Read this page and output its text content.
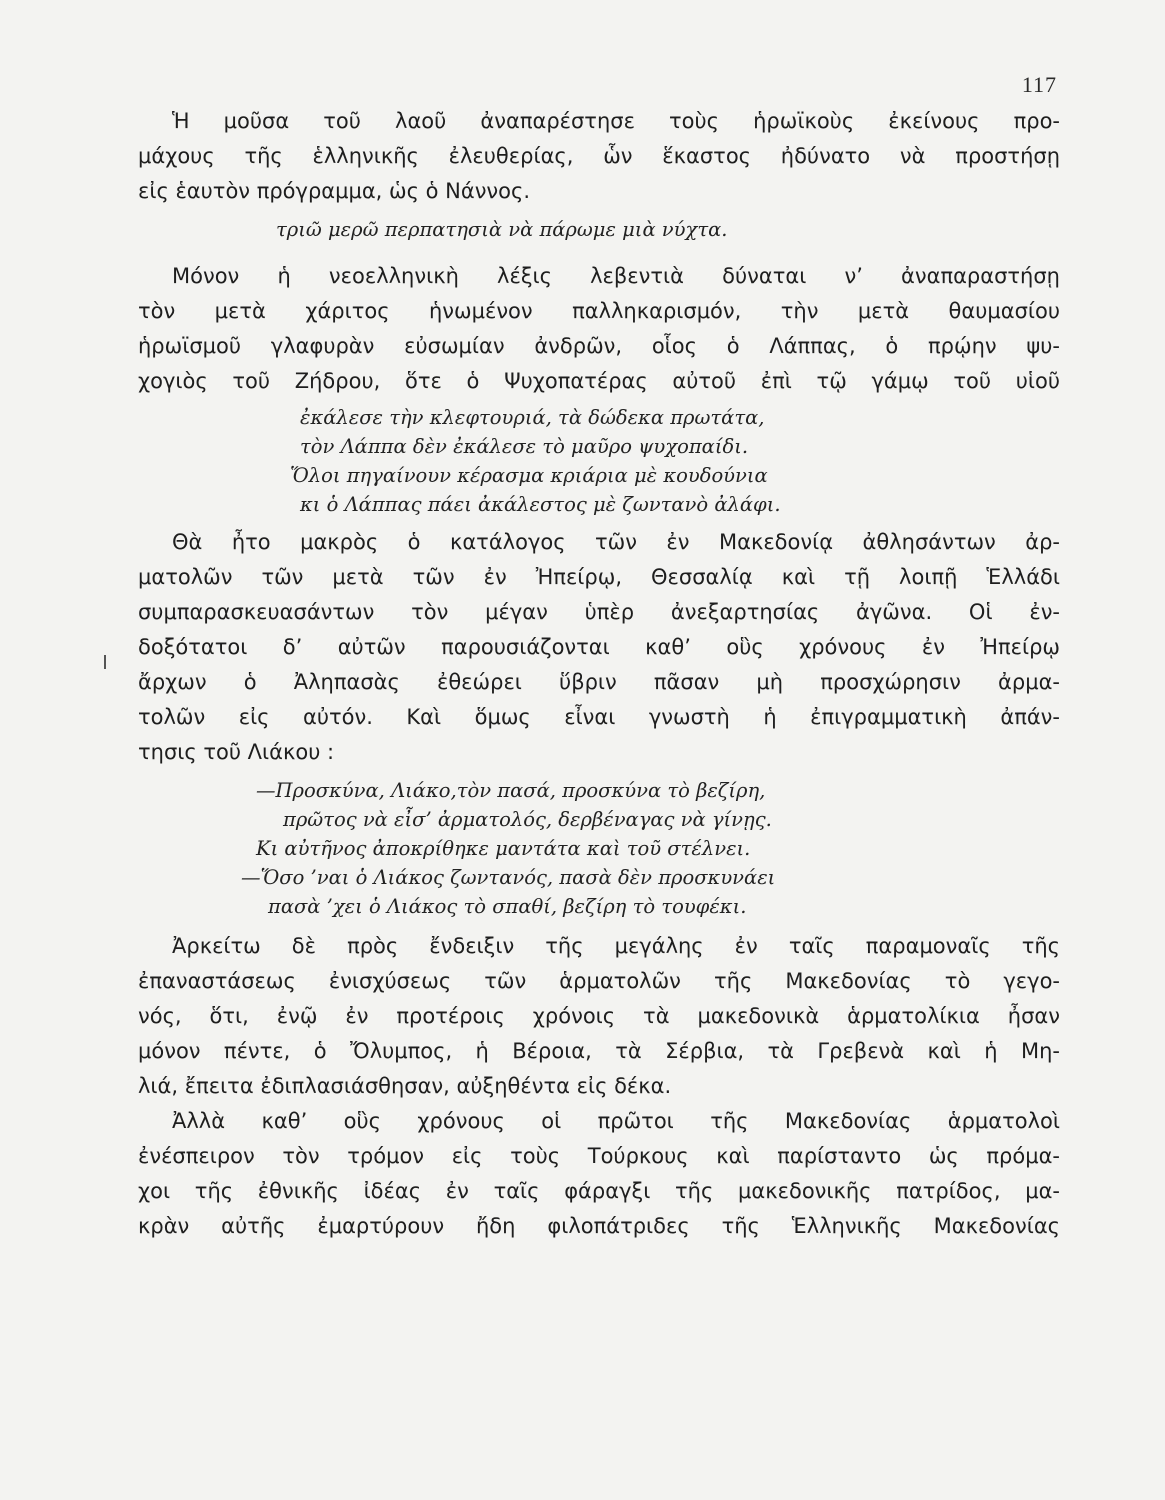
117
Ἡ μοῦσα τοῦ λαοῦ ἀναπαρέστησε τοὺς ἡρωϊκοὺς ἐκείνους προ-
μάχους τῆς ἑλληνικῆς ἐλευθερίας, ὧν ἕκαστος ἠδύνατο νὰ προστήσῃ
εἰς ἑαυτὸν πρόγραμμα, ὡς ὁ Νάννος.
τριῶ μερῶ περπατησιὰ νὰ πάρωμε μιὰ νύχτα.
Μόνον ἡ νεοελληνικὴ λέξις λεβεντιὰ δύναται ν’ ἀναπαραστήσῃ
τὸν μετὰ χάριτος ἡνωμένον παλληκαρισμόν, τὴν μετὰ θαυμασίου
ἡρωϊσμοῦ γλαφυρὰν εὐσωμίαν ἀνδρῶν, οἷος ὁ Λάππας, ὁ πρῴην ψυ-
χογιὸς τοῦ Ζήδρου, ὅτε ὁ Ψυχοπατέρας αὐτοῦ ἐπὶ τῷ γάμῳ τοῦ υἱοῦ
ἐκάλεσε τὴν κλεφτουριά, τὰ δώδεκα πρωτάτα,
τὸν Λάππα δὲν ἐκάλεσε τὸ μαῦρο ψυχοπαίδι.
Ὅλοι πηγαίνουν κέρασμα κριάρια μὲ κουδούνια
κι ὁ Λάππας πάει ἀκάλεστος μὲ ζωντανὸ ἀλάφι.
Θὰ ἦτο μακρὸς ὁ κατάλογος τῶν ἐν Μακεδονίᾳ ἀθλησάντων ἀρ-
ματολῶν τῶν μετὰ τῶν ἐν Ἠπείρῳ, Θεσσαλίᾳ καὶ τῇ λοιπῇ Ἑλλάδι
συμπαρασκευασάντων τὸν μέγαν ὑπὲρ ἀνεξαρτησίας ἀγῶνα. Οἱ ἐν-
δοξότατοι δ’ αὐτῶν παρουσιάζονται καθ’ οὓς χρόνους ἐν Ἠπείρῳ
ἄρχων ὁ Ἀληπασὰς ἐθεώρει ὕβριν πᾶσαν μὴ προσχώρησιν ἀρμα-
τολῶν εἰς αὐτόν. Καὶ ὅμως εἶναι γνωστὴ ἡ ἐπιγραμματικὴ ἀπάν-
τησις τοῦ Λιάκου :
—Προσκύνα, Λιάκο,τὸν πασά, προσκύνα τὸ βεζίρη,
πρῶτος νὰ εἶσ’ ἀρματολός, δερβέναγας νὰ γίνῃς.
Κι αὐτῆνος ἀποκρίθηκε μαντάτα καὶ τοῦ στέλνει.
—Ὅσο ’ναι ὁ Λιάκος ζωντανός, πασὰ δὲν προσκυνάει
πασὰ ’χει ὁ Λιάκος τὸ σπαθί, βεζίρη τὸ τουφέκι.
Ἀρκείτω δὲ πρὸς ἔνδειξιν τῆς μεγάλης ἐν ταῖς παραμοναῖς τῆς
ἐπαναστάσεως ἐνισχύσεως τῶν ἁρματολῶν τῆς Μακεδονίας τὸ γεγο-
νός, ὅτι, ἐνῷ ἐν προτέροις χρόνοις τὰ μακεδονικὰ ἁρματολίκια ἦσαν
μόνον πέντε, ὁ Ὄλυμπος, ἡ Βέροια, τὰ Σέρβια, τὰ Γρεβενὰ καὶ ἡ Μη-
λιά, ἔπειτα ἐδιπλασιάσθησαν, αὐξηθέντα εἰς δέκα.
Ἀλλὰ καθ’ οὓς χρόνους οἱ πρῶτοι τῆς Μακεδονίας ἁρματολοὶ
ἐνέσπειρον τὸν τρόμον εἰς τοὺς Τούρκους καὶ παρίσταντο ὡς πρόμα-
χοι τῆς ἐθνικῆς ἰδέας ἐν ταῖς φάραγξι τῆς μακεδονικῆς πατρίδος, μα-
κρὰν αὐτῆς ἐμαρτύρουν ἤδη φιλοπάτριδες τῆς Ἑλληνικῆς Μακεδονίας
